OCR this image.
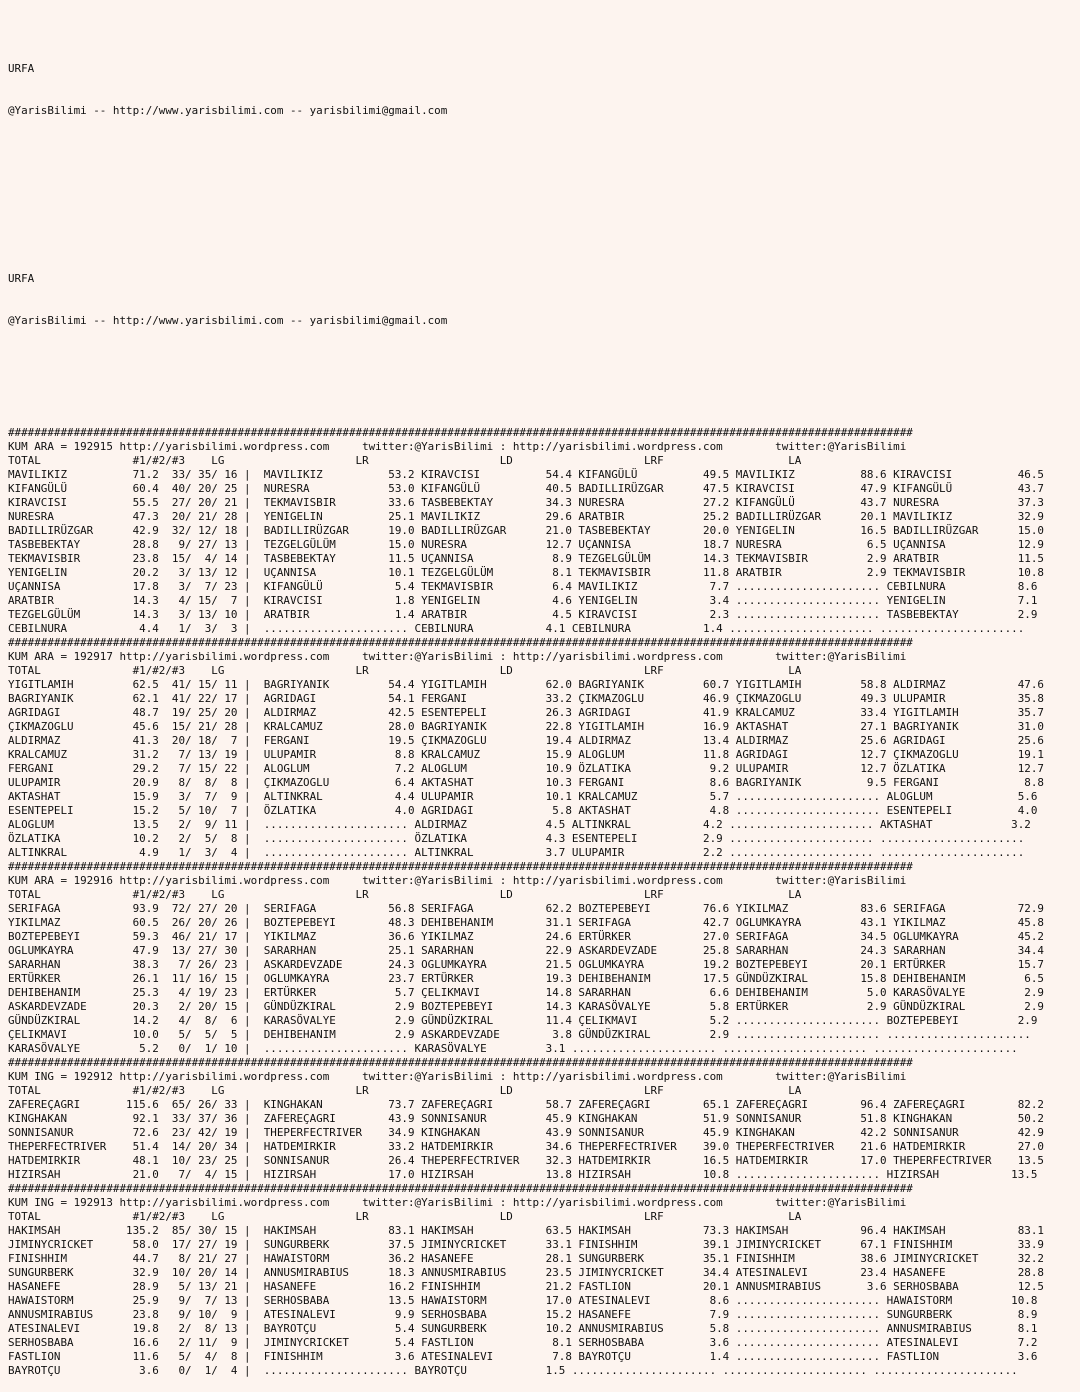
URFA

@YarisBilimi -- http://www.yarisbilimi.com -- yarisbilimi@gmail.com

URFA

@YarisBilimi -- http://www.yarisbilimi.com -- yarisbilimi@gmail.com

##########################################################################################################################################
KUM ARA = 192915 http://yarisbilimi.wordpress.com     twitter:@YarisBilimi : http://yarisbilimi.wordpress.com        twitter:@YarisBilimi
TOTAL              #1/#2/#3    LG                    LR                    LD                    LRF                   LA
MAVILIKIZ          71.2  33/ 35/ 16 |  MAVILIKIZ          53.2 KIRAVCISI          54.4 KIFANGÜLÜ          49.5 MAVILIKIZ          88.6 KIRAVCISI          46.5
KIFANGÜLÜ          60.4  40/ 20/ 25 |  NURESRA            53.0 KIFANGÜLÜ          40.5 BADILLIRÜZGAR      47.5 KIRAVCISI          47.9 KIFANGÜLÜ          43.7
KIRAVCISI          55.5  27/ 20/ 21 |  TEKMAVISBIR        33.6 TASBEBEKTAY        34.3 NURESRA            27.2 KIFANGÜLÜ          43.7 NURESRA            37.3
NURESRA            47.3  20/ 21/ 28 |  YENIGELIN          25.1 MAVILIKIZ          29.6 ARATBIR            25.2 BADILLIRÜZGAR      20.1 MAVILIKIZ          32.9
BADILLIRÜZGAR      42.9  32/ 12/ 18 |  BADILLIRÜZGAR      19.0 BADILLIRÜZGAR      21.0 TASBEBEKTAY        20.0 YENIGELIN          16.5 BADILLIRÜZGAR      15.0
TASBEBEKTAY        28.8   9/ 27/ 13 |  TEZGELGÜLÜM        15.0 NURESRA            12.7 UÇANNISA           18.7 NURESRA             6.5 UÇANNISA           12.9
TEKMAVISBIR        23.8  15/  4/ 14 |  TASBEBEKTAY        11.5 UÇANNISA            8.9 TEZGELGÜLÜM        14.3 TEKMAVISBIR         2.9 ARATBIR            11.5
YENIGELIN          20.2   3/ 13/ 12 |  UÇANNISA           10.1 TEZGELGÜLÜM         8.1 TEKMAVISBIR        11.8 ARATBIR             2.9 TEKMAVISBIR        10.8
UÇANNISA           17.8   3/  7/ 23 |  KIFANGÜLÜ           5.4 TEKMAVISBIR         6.4 MAVILIKIZ           7.7 ...................... CEBILNURA           8.6
ARATBIR            14.3   4/ 15/  7 |  KIRAVCISI           1.8 YENIGELIN           4.6 YENIGELIN           3.4 ...................... YENIGELIN           7.1
TEZGELGÜLÜM        14.3   3/ 13/ 10 |  ARATBIR             1.4 ARATBIR             4.5 KIRAVCISI           2.3 ...................... TASBEBEKTAY         2.9
CEBILNURA           4.4   1/  3/  3 |  ...................... CEBILNURA           4.1 CEBILNURA           1.4 ...................... ......................
##########################################################################################################################################
KUM ARA = 192917 http://yarisbilimi.wordpress.com     twitter:@YarisBilimi : http://yarisbilimi.wordpress.com        twitter:@YarisBilimi
TOTAL              #1/#2/#3    LG                    LR                    LD                    LRF                   LA
YIGITLAMIH         62.5  41/ 15/ 11 |  BAGRIYANIK         54.4 YIGITLAMIH         62.0 BAGRIYANIK         60.7 YIGITLAMIH         58.8 ALDIRMAZ           47.6
BAGRIYANIK         62.1  41/ 22/ 17 |  AGRIDAGI           54.1 FERGANI            33.2 ÇIKMAZOGLU         46.9 ÇIKMAZOGLU         49.3 ULUPAMIR           35.8
AGRIDAGI           48.7  19/ 25/ 20 |  ALDIRMAZ           42.5 ESENTEPELI         26.3 AGRIDAGI           41.9 KRALCAMUZ          33.4 YIGITLAMIH         35.7
ÇIKMAZOGLU         45.6  15/ 21/ 28 |  KRALCAMUZ          28.0 BAGRIYANIK         22.8 YIGITLAMIH         16.9 AKTASHAT           27.1 BAGRIYANIK         31.0
ALDIRMAZ           41.3  20/ 18/  7 |  FERGANI            19.5 ÇIKMAZOGLU         19.4 ALDIRMAZ           13.4 ALDIRMAZ           25.6 AGRIDAGI           25.6
KRALCAMUZ          31.2   7/ 13/ 19 |  ULUPAMIR            8.8 KRALCAMUZ          15.9 ALOGLUM            11.8 AGRIDAGI           12.7 ÇIKMAZOGLU         19.1
FERGANI            29.2   7/ 15/ 22 |  ALOGLUM             7.2 ALOGLUM            10.9 ÖZLATIKA            9.2 ULUPAMIR           12.7 ÖZLATIKA           12.7
ULUPAMIR           20.9   8/  8/  8 |  ÇIKMAZOGLU          6.4 AKTASHAT           10.3 FERGANI             8.6 BAGRIYANIK          9.5 FERGANI             8.8
AKTASHAT           15.9   3/  7/  9 |  ALTINKRAL           4.4 ULUPAMIR           10.1 KRALCAMUZ           5.7 ...................... ALOGLUM             5.6
ESENTEPELI         15.2   5/ 10/  7 |  ÖZLATIKA            4.0 AGRIDAGI            5.8 AKTASHAT            4.8 ...................... ESENTEPELI          4.0
ALOGLUM            13.5   2/  9/ 11 |  ...................... ALDIRMAZ            4.5 ALTINKRAL           4.2 ...................... AKTASHAT            3.2
ÖZLATIKA           10.2   2/  5/  8 |  ...................... ÖZLATIKA            4.3 ESENTEPELI          2.9 ...................... ......................
ALTINKRAL           4.9   1/  3/  4 |  ...................... ALTINKRAL           3.7 ULUPAMIR            2.2 ...................... ......................
##########################################################################################################################################
KUM ARA = 192916 http://yarisbilimi.wordpress.com     twitter:@YarisBilimi : http://yarisbilimi.wordpress.com        twitter:@YarisBilimi
TOTAL              #1/#2/#3    LG                    LR                    LD                    LRF                   LA
SERIFAGA           93.9  72/ 27/ 20 |  SERIFAGA           56.8 SERIFAGA           62.2 BOZTEPEBEYI        76.6 YIKILMAZ           83.6 SERIFAGA           72.9
YIKILMAZ           60.5  26/ 20/ 26 |  BOZTEPEBEYI        48.3 DEHIBEHANIM        31.1 SERIFAGA           42.7 OGLUMKAYRA         43.1 YIKILMAZ           45.8
BOZTEPEBEYI        59.3  46/ 21/ 17 |  YIKILMAZ           36.6 YIKILMAZ           24.6 ERTÜRKER           27.0 SERIFAGA           34.5 OGLUMKAYRA         45.2
OGLUMKAYRA         47.9  13/ 27/ 30 |  SARARHAN           25.1 SARARHAN           22.9 ASKARDEVZADE       25.8 SARARHAN           24.3 SARARHAN           34.4
SARARHAN           38.3   7/ 26/ 23 |  ASKARDEVZADE       24.3 OGLUMKAYRA         21.5 OGLUMKAYRA         19.2 BOZTEPEBEYI        20.1 ERTÜRKER           15.7
ERTÜRKER           26.1  11/ 16/ 15 |  OGLUMKAYRA         23.7 ERTÜRKER           19.3 DEHIBEHANIM        17.5 GÜNDÜZKIRAL        15.8 DEHIBEHANIM         6.5
DEHIBEHANIM        25.3   4/ 19/ 23 |  ERTÜRKER            5.7 ÇELIKMAVI          14.8 SARARHAN            6.6 DEHIBEHANIM         5.0 KARASÖVALYE         2.9
ASKARDEVZADE       20.3   2/ 20/ 15 |  GÜNDÜZKIRAL         2.9 BOZTEPEBEYI        14.3 KARASÖVALYE         5.8 ERTÜRKER            2.9 GÜNDÜZKIRAL         2.9
GÜNDÜZKIRAL        14.2   4/  8/  6 |  KARASÖVALYE         2.9 GÜNDÜZKIRAL        11.4 ÇELIKMAVI           5.2 ...................... BOZTEPEBEYI         2.9
ÇELIKMAVI          10.0   5/  5/  5 |  DEHIBEHANIM         2.9 ASKARDEVZADE        3.8 GÜNDÜZKIRAL         2.9 ...................... ......................
KARASÖVALYE         5.2   0/  1/ 10 |  ...................... KARASÖVALYE         3.1 ...................... ...................... ......................
##########################################################################################################################################
KUM ING = 192912 http://yarisbilimi.wordpress.com     twitter:@YarisBilimi : http://yarisbilimi.wordpress.com        twitter:@YarisBilimi
TOTAL              #1/#2/#3    LG                    LR                    LD                    LRF                   LA
ZAFEREÇAGRI       115.6  65/ 26/ 33 |  KINGHAKAN          73.7 ZAFEREÇAGRI        58.7 ZAFEREÇAGRI        65.1 ZAFEREÇAGRI        96.4 ZAFEREÇAGRI        82.2
KINGHAKAN          92.1  33/ 37/ 36 |  ZAFEREÇAGRI        43.9 SONNISANUR         45.9 KINGHAKAN          51.9 SONNISANUR         51.8 KINGHAKAN          50.2
SONNISANUR         72.6  23/ 42/ 19 |  THEPERFECTRIVER    34.9 KINGHAKAN          43.9 SONNISANUR         45.9 KINGHAKAN          42.2 SONNISANUR         42.9
THEPERFECTRIVER    51.4  14/ 20/ 34 |  HATDEMIRKIR        33.2 HATDEMIRKIR        34.6 THEPERFECTRIVER    39.0 THEPERFECTRIVER    21.6 HATDEMIRKIR        27.0
HATDEMIRKIR        48.1  10/ 23/ 25 |  SONNISANUR         26.4 THEPERFECTRIVER    32.3 HATDEMIRKIR        16.5 HATDEMIRKIR        17.0 THEPERFECTRIVER    13.5
HIZIRSAH           21.0   7/  4/ 15 |  HIZIRSAH           17.0 HIZIRSAH           13.8 HIZIRSAH           10.8 ...................... HIZIRSAH           13.5
##########################################################################################################################################
KUM ING = 192913 http://yarisbilimi.wordpress.com     twitter:@YarisBilimi : http://yarisbilimi.wordpress.com        twitter:@YarisBilimi
TOTAL              #1/#2/#3    LG                    LR                    LD                    LRF                   LA
HAKIMSAH          135.2  85/ 30/ 15 |  HAKIMSAH           83.1 HAKIMSAH           63.5 HAKIMSAH           73.3 HAKIMSAH           96.4 HAKIMSAH           83.1
JIMINYCRICKET      58.0  17/ 27/ 19 |  SUNGURBERK         37.5 JIMINYCRICKET      33.1 FINISHHIM          39.1 JIMINYCRICKET      67.1 FINISHHIM          33.9
FINISHHIM          44.7   8/ 21/ 27 |  HAWAISTORM         36.2 HASANEFE           28.1 SUNGURBERK         35.1 FINISHHIM          38.6 JIMINYCRICKET      32.2
SUNGURBERK         32.9  10/ 20/ 14 |  ANNUSMIRABIUS      18.3 ANNUSMIRABIUS      23.5 JIMINYCRICKET      34.4 ATESINALEVI        23.4 HASANEFE           28.8
HASANEFE           28.9   5/ 13/ 21 |  HASANEFE           16.2 FINISHHIM          21.2 FASTLION           20.1 ANNUSMIRABIUS       3.6 SERHOSBABA         12.5
HAWAISTORM         25.9   9/  7/ 13 |  SERHOSBABA         13.5 HAWAISTORM         17.0 ATESINALEVI         8.6 ...................... HAWAISTORM         10.8
ANNUSMIRABIUS      23.8   9/ 10/  9 |  ATESINALEVI         9.9 SERHOSBABA         15.2 HASANEFE            7.9 ...................... SUNGURBERK          8.9
ATESINALEVI        19.8   2/  8/ 13 |  BAYROTÇU            5.4 SUNGURBERK         10.2 ANNUSMIRABIUS       5.8 ...................... ANNUSMIRABIUS       8.1
SERHOSBABA         16.6   2/ 11/  9 |  JIMINYCRICKET       5.4 FASTLION            8.1 SERHOSBABA          3.6 ...................... ATESINALEVI         7.2
FASTLION           11.6   5/  4/  8 |  FINISHHIM           3.6 ATESINALEVI         7.8 BAYROTÇU            1.4 ...................... FASTLION            3.6
BAYROTÇU            3.6   0/  1/  4 |  ...................... BAYROTÇU            1.5 ...................... ...................... ......................
